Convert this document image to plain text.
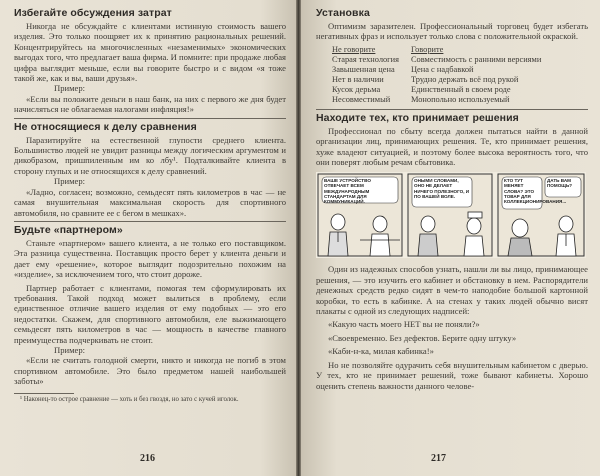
Избегайте обсуждения затрат

Никогда не обсуждайте с клиентами истинную стоимость вашего изделия. Это только поощряет их к принятию рациональных решений. Концентрируйтесь на многочисленных «незаменимых» экономических выгодах того, что предлагает ваша фирма. И помните: при продаже любая цифра выглядит меньше, если вы говорите быстро и с видом «я тоже такой же, как и вы, ваши друзья».

Пример:

«Если вы положите деньги в наш банк, на них с первого же дня будет начисляться не облагаемая налогами инфляция!»

Не относящиеся к делу сравнения

Паразитируйте на естественной глупости среднего клиента. Большинство людей не увидит разницы между логическим аргументом и дикобразом, пришпиленным им ко лбу¹. Подталкивайте клиента в сторону глупых и не относящихся к делу сравнений.

Пример:

«Ладно, согласен; возможно, семьдесят пять километров в час — не самая внушительная максимальная скорость для спортивного автомобиля, но сравните ее с бегом в мешках».

Будьте «партнером»

Станьте «партнером» вашего клиента, а не только его поставщиком. Эта разница существенна. Поставщик просто берет у клиента деньги и дает ему «решение», которое выглядит подозрительно похожим на «изделие», за исключением того, что стоит дороже.

Партнер работает с клиентами, помогая тем сформулировать их требования. Такой подход может вылиться в проблему, если единственное отличие вашего изделия от ему подобных — это его недостатки. Скажем, для спортивного автомобиля, еле выжимающего семьдесят пять километров в час — мощность в качестве главного преимущества подчеркивать не стоит.

Пример:

«Если не считать голодной смерти, никто и никогда не погиб в этом спортивном автомобиле. Это было предметом нашей наибольшей заботы»

¹ Наконец-то острое сравнение — хоть и без гвоздя, но зато с кучей иголок.

216
Установка

Оптимизм заразителен. Профессиональный торговец будет избегать негативных фраз и использует только слова с положительной окраской.

Не говорите	Говорите
Старая технология	Совместимость с ранними версиями
Завышенная цена	Цена с надбавкой
Нет в наличии	Трудно держать всё под рукой
Кусок дерьма	Единственный в своем роде
Несовместимый	Монопольно используемый
Находите тех, кто принимает решения

Профессионал по сбыту всегда должен пытаться найти в данной организации лиц, принимающих решения. Те, кто принимает решения, хуже владеют ситуацией, и поэтому более высока вероятность того, что они поверят любым речам сбытовика.

ВАШЕ УСТРОЙСТВО ОТВЕЧАЕТ ВСЕМ МЕЖДУНАРОДНЫМ СТАНДАРТАМ ДЛЯ КОММУНИКАЦИЙ.
ОНЫМИ СЛОВАМИ, ОНО НЕ ДЕЛАЕТ НИЧЕГО ПОЛЕЗНОГО, И ПО ВАШЕЙ ВОЛЕ.
КТО ТУТ МЕНЯЕТ СЛОВА? ЭТО ТОВАР ДЛЯ КОЛЛЕКЦИОНИРОВАНИЯ...
ДАТЬ ВАМ ПОМОЩЬ?

Один из надежных способов узнать, нашли ли вы лицо, принимающее решения, — это изучить его кабинет и обстановку в нем. Распорядители денежных средств редко сидят в чем-то наподобие большой картонной коробки, то есть в кабинке. А на стенах у таких людей обычно висят плакаты с одной из следующих надписей:

«Какую часть моего НЕТ вы не поняли?»

«Своевременно. Без дефектов. Берите одну штуку»

«Каби-н-ка, милая кабинка!»

Но не позволяйте одурачить себя внушительным кабинетом с дверью. У тех, кто не принимает решений, тоже бывают кабинеты. Хорошо оценить степень важности данного челове-

217
